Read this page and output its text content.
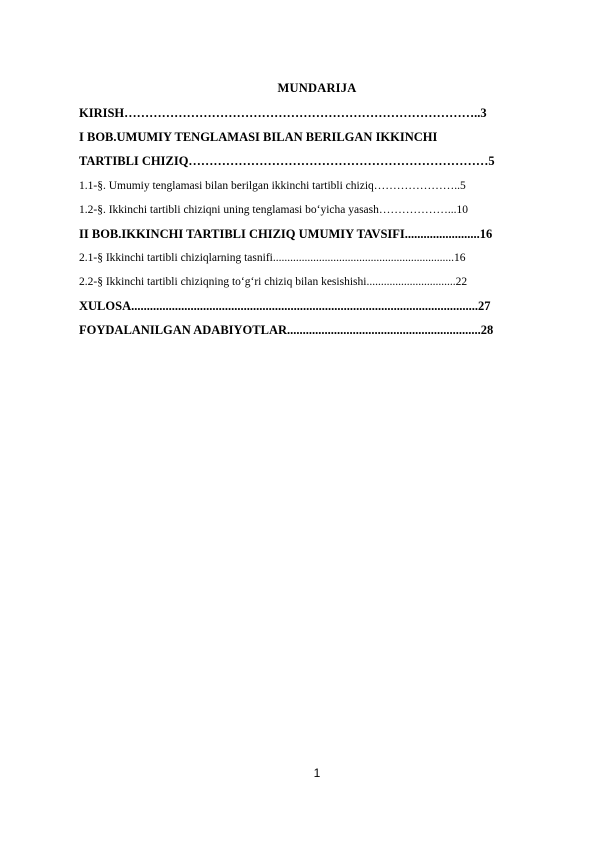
MUNDARIJA
KIRISH…………………………………………………………………………..3
I BOB.UMUMIY TENGLAMASI BILAN BERILGAN IKKINCHI
TARTIBLI CHIZIQ………………………………………………………………5
1.1-§. Umumiy tenglamasi bilan berilgan ikkinchi tartibli chiziq…………………..5
1.2-§. Ikkinchi tartibli chiziqni uning tenglamasi bo‘yicha yasash………………...10
II BOB.IKKINCHI TARTIBLI CHIZIQ UMUMIY TAVSIFI........................16
2.1-§ Ikkinchi tartibli chiziqlarning tasnifi...............................................................16
2.2-§ Ikkinchi tartibli chiziqning to‘g‘ri chiziq bilan kesishishi...............................22
XULOSA...............................................................................................................27
FOYDALANILGAN ADABIYOTLAR..............................................................28
1
